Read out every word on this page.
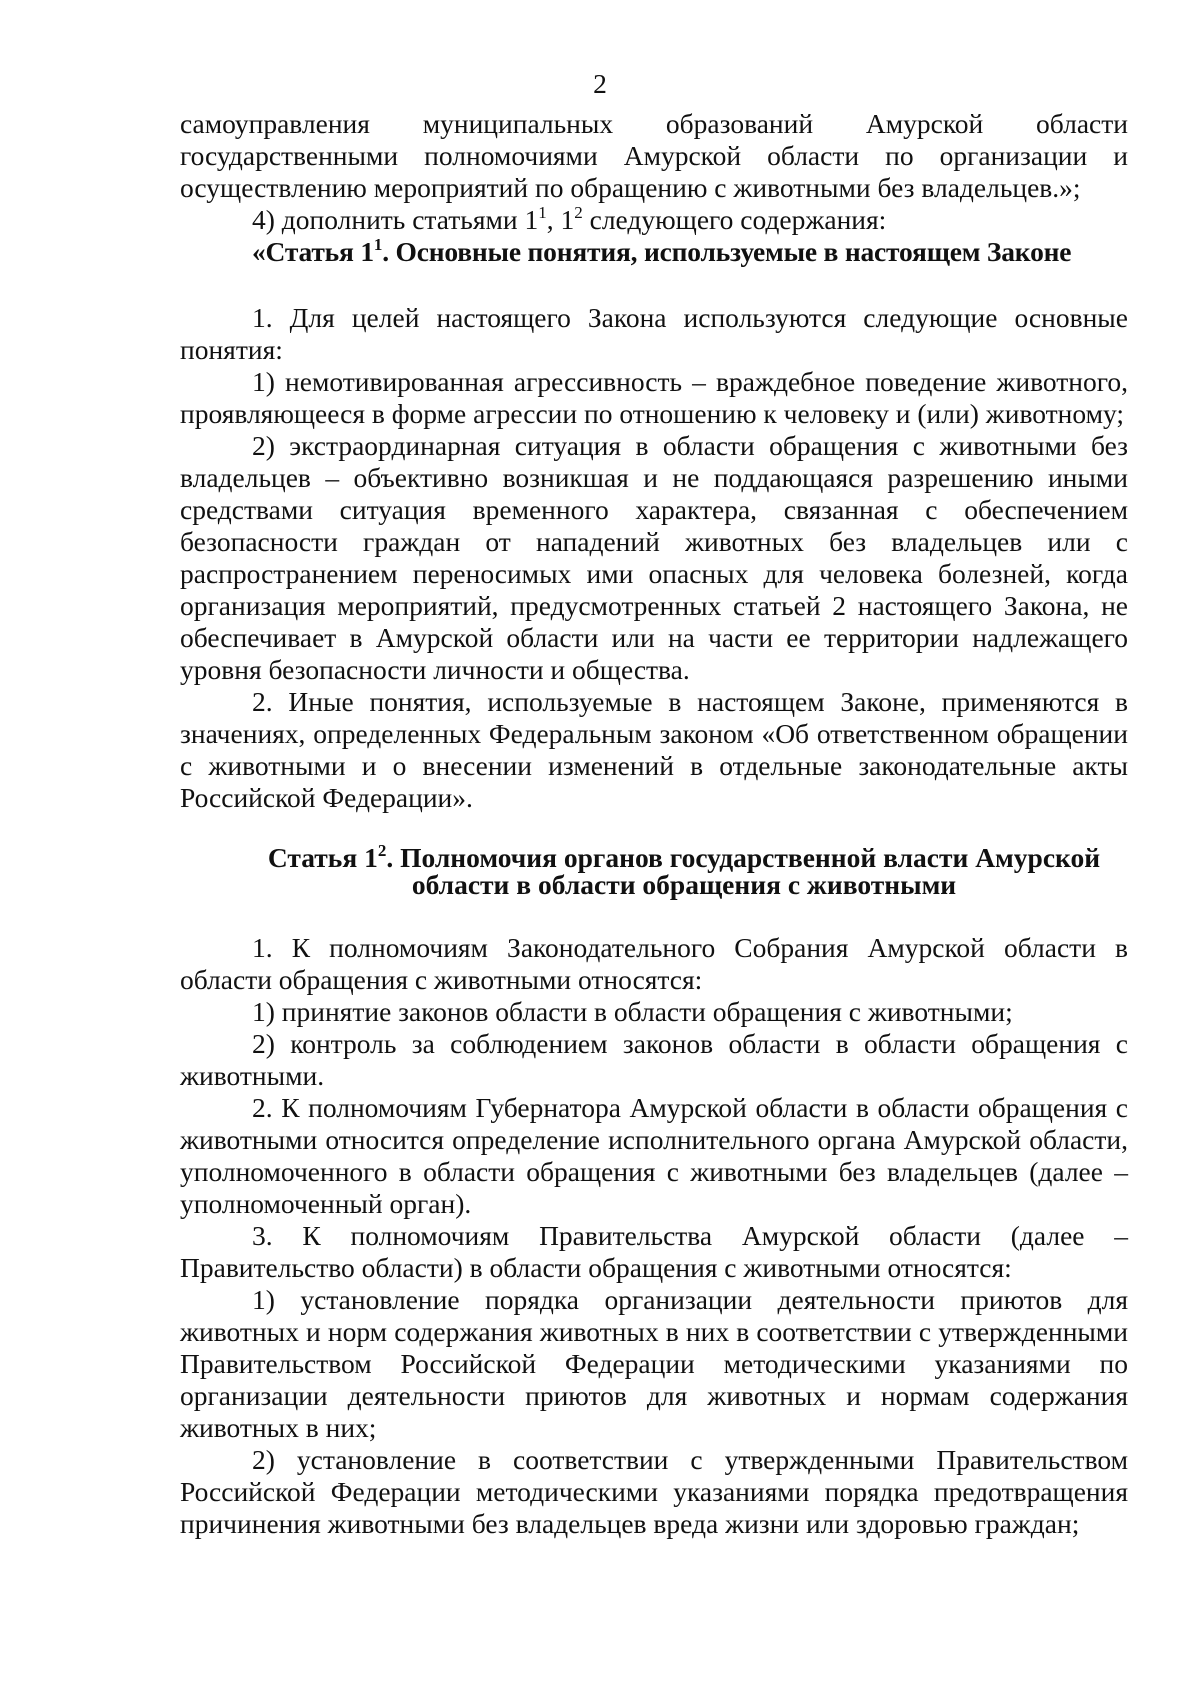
2

самоуправления муниципальных образований Амурской области государственными полномочиями Амурской области по организации и осуществлению мероприятий по обращению с животными без владельцев.»;

4) дополнить статьями $1^1$, $1^2$ следующего содержания:

«Статья $1^1$. Основные понятия, используемые в настоящем Законе

1. Для целей настоящего Закона используются следующие основные понятия:

1) немотивированная агрессивность – враждебное поведение животного, проявляющееся в форме агрессии по отношению к человеку и (или) животному;

2) экстраординарная ситуация в области обращения с животными без владельцев – объективно возникшая и не поддающаяся разрешению иными средствами ситуация временного характера, связанная с обеспечением безопасности граждан от нападений животных без владельцев или с распространением переносимых ими опасных для человека болезней, когда организация мероприятий, предусмотренных статьей 2 настоящего Закона, не обеспечивает в Амурской области или на части ее территории надлежащего уровня безопасности личности и общества.

2. Иные понятия, используемые в настоящем Законе, применяются в значениях, определенных Федеральным законом «Об ответственном обращении с животными и о внесении изменений в отдельные законодательные акты Российской Федерации».

Статья $1^2$. Полномочия органов государственной власти Амурской

области в области обращения с животными

1. К полномочиям Законодательного Собрания Амурской области в области обращения с животными относятся:

1) принятие законов области в области обращения с животными;

2) контроль за соблюдением законов области в области обращения с животными.

2. К полномочиям Губернатора Амурской области в области обращения с животными относится определение исполнительного органа Амурской области, уполномоченного в области обращения с животными без владельцев (далее – уполномоченный орган).

3. К полномочиям Правительства Амурской области (далее – Правительство области) в области обращения с животными относятся:

1) установление порядка организации деятельности приютов для животных и норм содержания животных в них в соответствии с утвержденными Правительством Российской Федерации методическими указаниями по организации деятельности приютов для животных и нормам содержания животных в них;

2) установление в соответствии с утвержденными Правительством Российской Федерации методическими указаниями порядка предотвращения причинения животными без владельцев вреда жизни или здоровью граждан;
